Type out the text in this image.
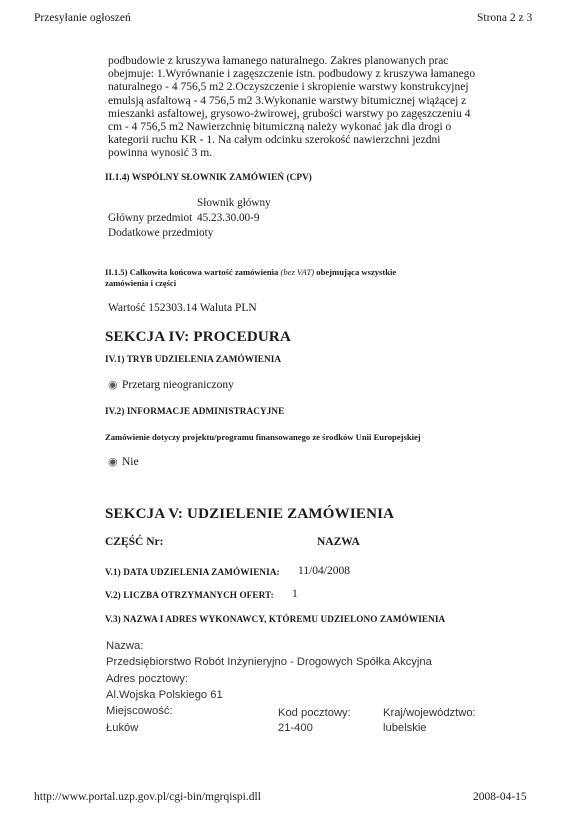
Przesyłanie ogłoszeń	Strona 2 z 3
podbudowie z kruszywa łamanego naturalnego. Zakres planowanych prac
obejmuje: 1.Wyrównanie i zagęszczenie istn. podbudowy z kruszywa łamanego
naturalnego - 4 756,5 m2 2.Oczyszczenie i skropienie warstwy konstrukcyjnej
emulsją asfaltową - 4 756,5 m2 3.Wykonanie warstwy bitumicznej wiążącej z
mieszanki asfaltowej, grysowo-żwirowej, grubości warstwy po zagęszczeniu 4
cm - 4 756,5 m2 Nawierzchnię bitumiczną należy wykonać jak dla drogi o
kategorii ruchu KR - 1. Na całym odcinku szerokość nawierzchni jezdni
powinna wynosić 3 m.
II.1.4) WSPÓLNY SŁOWNIK ZAMÓWIEŃ (CPV)
Słownik główny
Główny przedmiot 45.23.30.00-9
Dodatkowe przedmioty
II.1.5) Całkowita końcowa wartość zamówienia (bez VAT) obejmująca wszystkie
zamówienia i części
Wartość 152303.14 Waluta PLN
SEKCJA IV: PROCEDURA
IV.1) TRYB UDZIELENIA ZAMÓWIENIA
◉ Przetarg nieograniczony
IV.2) INFORMACJE ADMINISTRACYJNE
Zamówienie dotyczy projektu/programu finansowanego ze środków Unii Europejskiej
◉ Nie
SEKCJA V: UDZIELENIE ZAMÓWIENIA
CZĘŚĆ Nr:	NAZWA
V.1) DATA UDZIELENIA ZAMÓWIENIA: 11/04/2008
V.2) LICZBA OTRZYMANYCH OFERT: 1
V.3) NAZWA I ADRES WYKONAWCY, KTÓREMU UDZIELONO ZAMÓWIENIA
Nazwa:
Przedsiębiorstwo Robót Inżynieryjno - Drogowych Spółka Akcyjna
Adres pocztowy:
Al.Wojska Polskiego 61
Miejscowość:
Łuków
Kod pocztowy:
21-400
Kraj/województwo:
lubelskie
http://www.portal.uzp.gov.pl/cgi-bin/mgrqispi.dll	2008-04-15
